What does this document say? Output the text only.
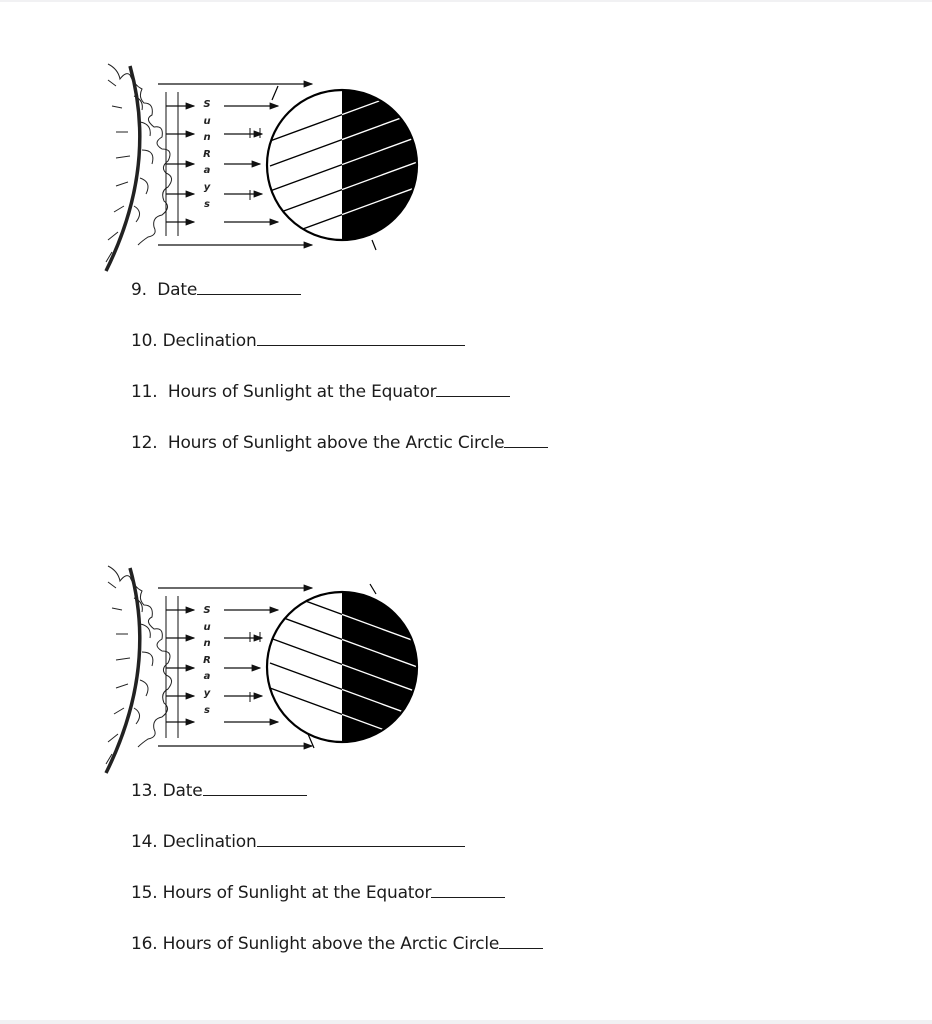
S
u
n
R
a
y
s
9. Date
10. Declination
11. Hours of Sunlight at the Equator
12. Hours of Sunlight above the Arctic Circle
S
u
n
R
a
y
s
13. Date
14. Declination
15. Hours of Sunlight at the Equator
16. Hours of Sunlight above the Arctic Circle
